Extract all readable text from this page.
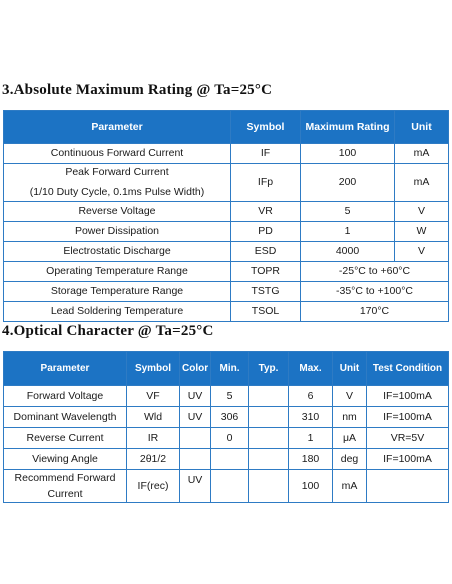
3.Absolute Maximum Rating @ Ta=25°C
Parameter	Symbol	Maximum Rating	Unit
Continuous Forward Current	IF	100	mA

Peak Forward Current
(1/10 Duty Cycle, 0.1ms Pulse Width)	IFp	200	mA
Reverse Voltage	VR	5	V
Power Dissipation	PD	1	W
Electrostatic Discharge	ESD	4000	V
Operating Temperature Range	TOPR	-25°C to +60°C	
Storage Temperature Range	TSTG	-35°C to +100°C	
Lead Soldering Temperature	TSOL	170°C	
4.Optical Character @ Ta=25°C
Parameter	Symbol	Color	Min.	Typ.	Max.	Unit	Test Condition
Forward Voltage	VF	UV	5		6	V	IF=100mA
Dominant Wavelength	Wld	UV	306		310	nm	IF=100mA
Reverse Current	IR		0		1	μA	VR=5V
Viewing Angle	2θ1/2				180	deg	IF=100mA

Recommend Forward
Current	IF(rec)	UV			100	mA	
